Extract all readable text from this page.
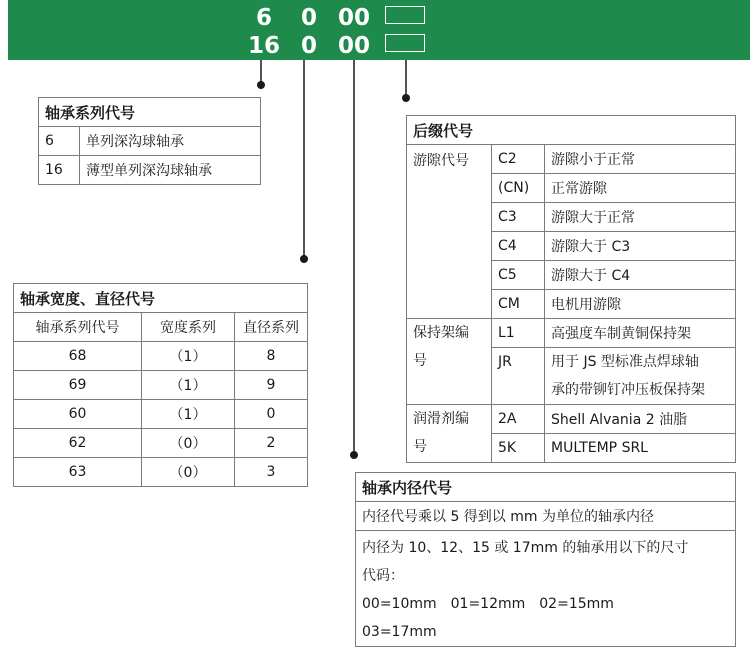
6	0 00
16 0 00
轴承系列代号	
6	单列深沟球轴承
16	薄型单列深沟球轴承
轴承宽度、直径代号		
轴承系列代号	宽度系列	直径系列
68	（1）	8
69	（1）	9
60	（1）	0
62	（0）	2
63	（0）	3
后缀代号		
游隙代号	C2	游隙小于正常
	(CN)	正常游隙
	C3	游隙大于正常
	C4	游隙大于 C3
	C5	游隙大于 C4
	CM	电机用游隙
保持架编
号	L1	高强度车制黄铜保持架
	JR	用于 JS 型标准点焊球轴
承的带铆钉冲压板保持架
润滑剂编
号	2A	Shell Alvania 2 油脂
	5K	MULTEMP SRL
轴承内径代号
内径代号乘以 5 得到以 mm 为单位的轴承内径

内径为 10、12、15 或 17mm 的轴承用以下的尺寸
代码：
00=10mm　01=12mm　02=15mm
03=17mm
